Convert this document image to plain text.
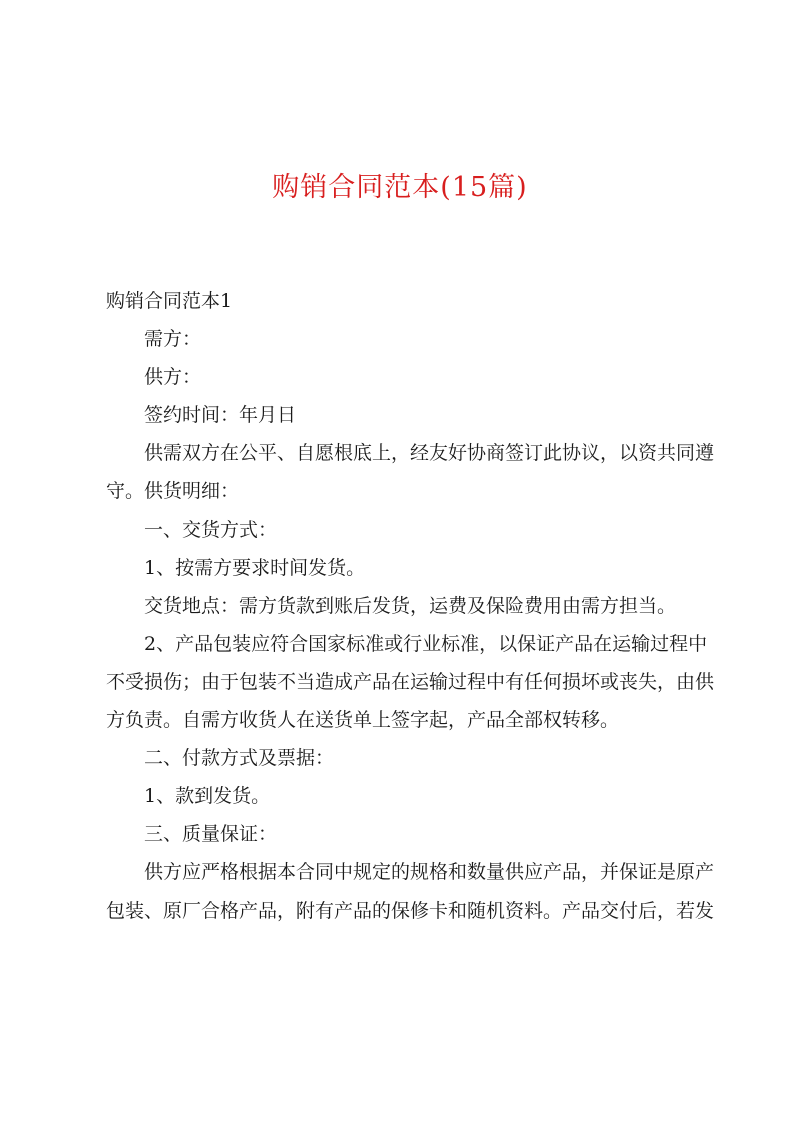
购销合同范本(15篇)
购销合同范本1
需方：
供方：
签约时间：年月日
供需双方在公平、自愿根底上，经友好协商签订此协议，以资共同遵
守。供货明细：
一、交货方式：
1、按需方要求时间发货。
交货地点：需方货款到账后发货，运费及保险费用由需方担当。
2、产品包装应符合国家标准或行业标准，以保证产品在运输过程中
不受损伤；由于包装不当造成产品在运输过程中有任何损坏或丧失，由供
方负责。自需方收货人在送货单上签字起，产品全部权转移。
二、付款方式及票据：
1、款到发货。
三、质量保证：
供方应严格根据本合同中规定的规格和数量供应产品，并保证是原产
包装、原厂合格产品，附有产品的保修卡和随机资料。产品交付后，若发
